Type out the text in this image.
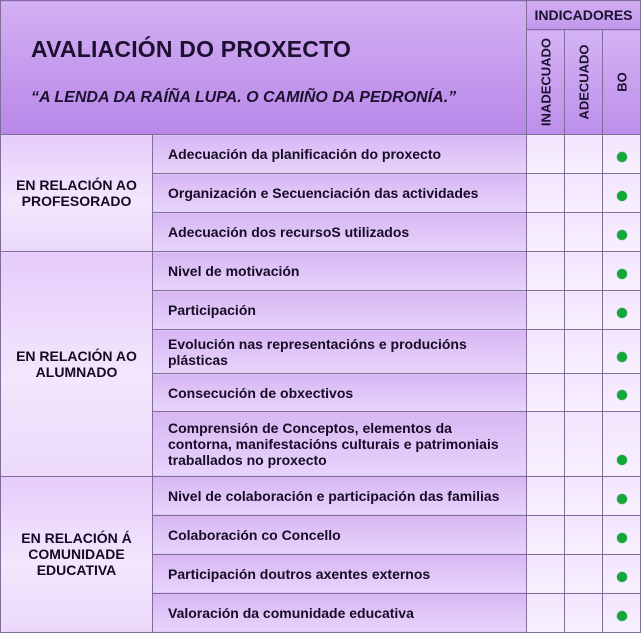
AVALIACIÓN DO PROXECTO
“A LENDA DA RAÍÑA LUPA. O CAMIÑO DA PEDRONÍA.”		INDICADORES		

		INADECUADO	ADECUADO	BO

EN RELACIÓN AO PROFESORADO	Adecuación da planificación do proxecto			
	Organización e Secuenciación das actividades			
	Adecuación dos recursoS utilizados			
EN RELACIÓN AO ALUMNADO	Nivel de motivación			
	Participación			
	Evolución nas representacións e producións plásticas			
	Consecución de obxectivos			
	Comprensión de Conceptos, elementos da contorna, manifestacións culturais e patrimoniais traballados no proxecto			
EN RELACIÓN Á COMUNIDADE EDUCATIVA	Nivel de colaboración e participación das familias			
	Colaboración co Concello			
	Participación doutros axentes externos			
	Valoración da comunidade educativa			
